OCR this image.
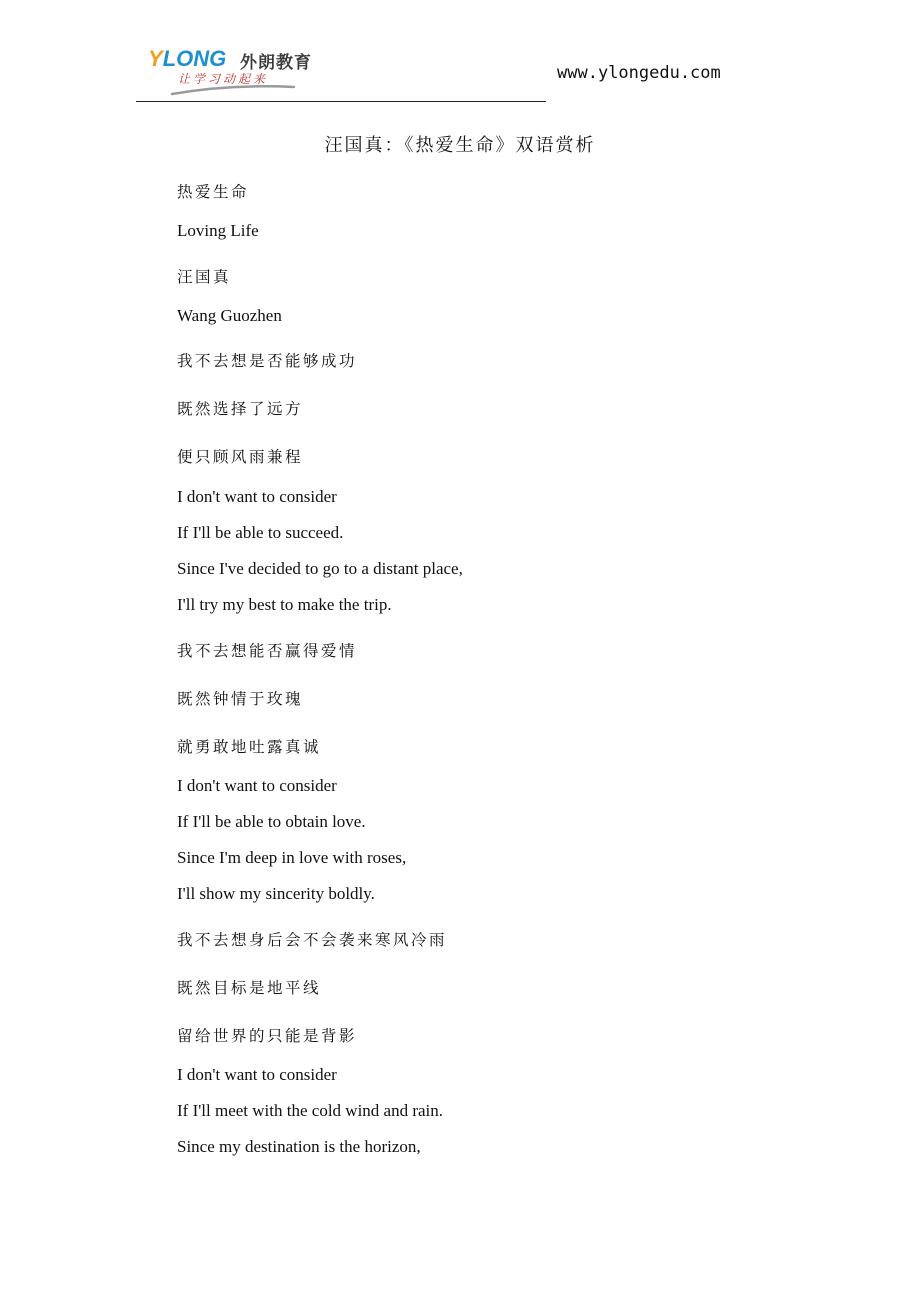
YLONG 外朗教育
让学习动起来	www.ylongedu.com
汪国真：《热爱生命》双语赏析
热爱生命
Loving Life
汪国真
Wang Guozhen
我不去想是否能够成功
既然选择了远方
便只顾风雨兼程
I don't want to consider
If I'll be able to succeed.
Since I've decided to go to a distant place,
I'll try my best to make the trip.
我不去想能否赢得爱情
既然钟情于玫瑰
就勇敢地吐露真诚
I don't want to consider
If I'll be able to obtain love.
Since I'm deep in love with roses,
I'll show my sincerity boldly.
我不去想身后会不会袭来寒风冷雨
既然目标是地平线
留给世界的只能是背影
I don't want to consider
If I'll meet with the cold wind and rain.
Since my destination is the horizon,
